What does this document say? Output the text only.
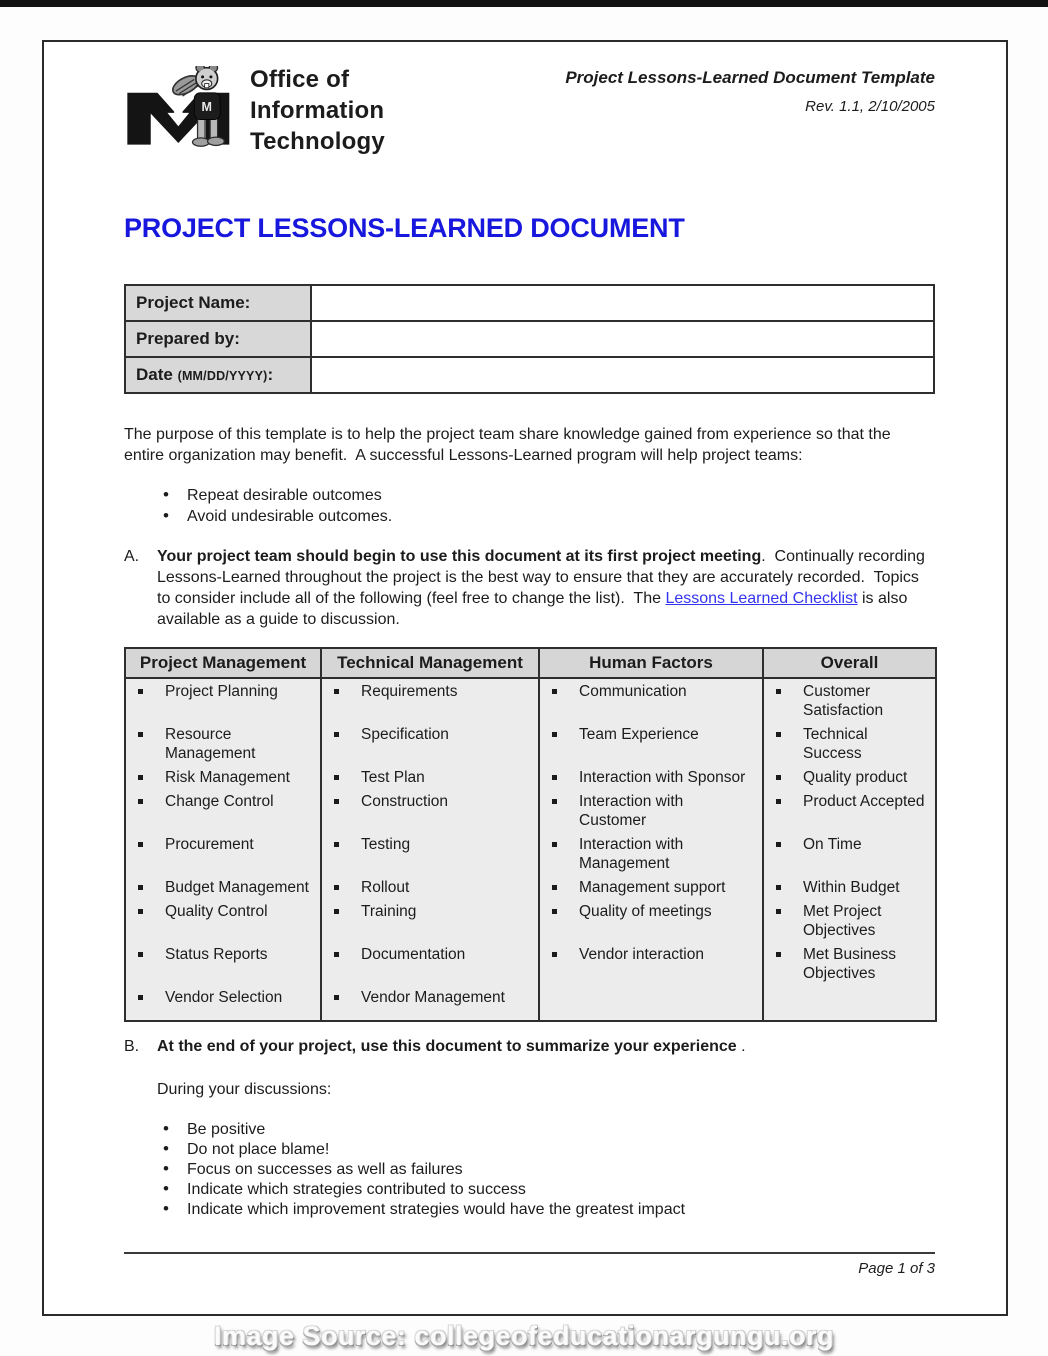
M
Office of
Information
Technology
Project Lessons-Learned Document Template
Rev. 1.1, 2/10/2005
PROJECT LESSONS-LEARNED DOCUMENT
Project Name:	
Prepared by:	
Date (MM/DD/YYYY):	

The purpose of this template is to help the project team share knowledge gained from experience so that the entire organization may benefit.  A successful Lessons-Learned program will help project teams:

• Repeat desirable outcomes
• Avoid undesirable outcomes.
A.	Your project team should begin to use this document at its first project meeting.  Continually recording Lessons-Learned throughout the project is the best way to ensure that they are accurately recorded.  Topics to consider include all of the following (feel free to change the list).  The Lessons Learned Checklist is also available as a guide to discussion.

Project Management	Technical Management	Human Factors	Overall

Project Planning	Requirements	Communication	Customer Satisfaction

Resource Management	Specification	Team Experience	Technical Success

Risk Management	Test Plan	Interaction with Sponsor	Quality product

Change Control	Construction	Interaction with Customer	Product Accepted

Procurement	Testing	Interaction with Management	On Time

Budget Management	Rollout	Management support	Within Budget

Quality Control	Training	Quality of meetings	Met Project Objectives

Status Reports	Documentation	Vendor interaction	Met Business Objectives

Vendor Selection	Vendor Management		

B.	At the end of your project, use this document to summarize your experience .

During your discussions:

• Be positive
• Do not place blame!
• Focus on successes as well as failures
• Indicate which strategies contributed to success
• Indicate which improvement strategies would have the greatest impact
Page 1 of 3
Image Source: collegeofeducationargungu.org
